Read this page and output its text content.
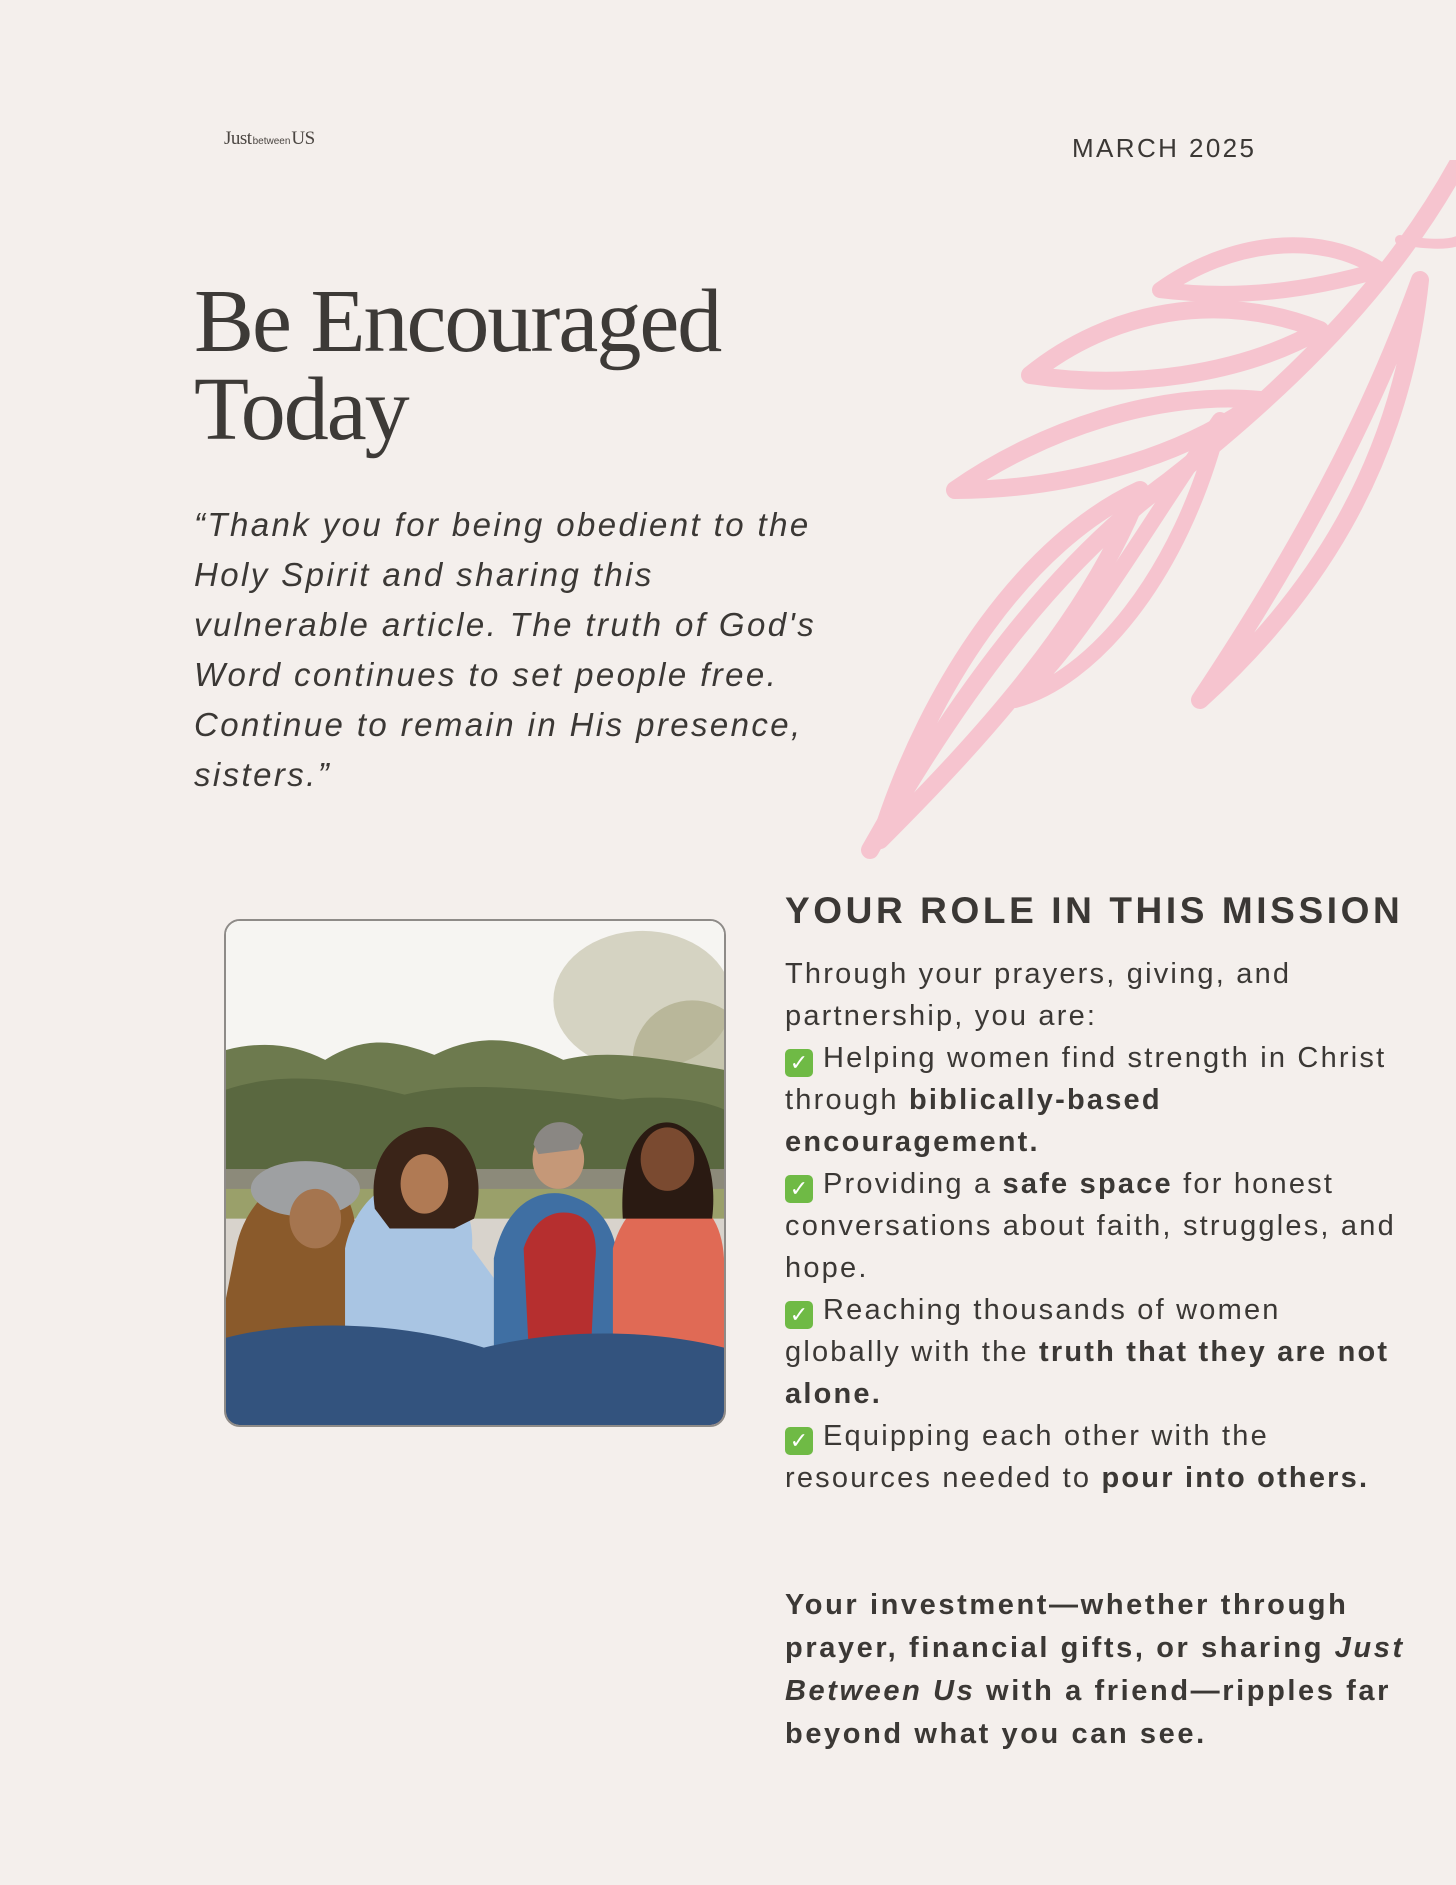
Just between US	MARCH 2025
Be Encouraged
Today
“Thank you for being obedient to the Holy Spirit and sharing this vulnerable article. The truth of God's Word continues to set people free. Continue to remain in His presence, sisters.”
YOUR ROLE IN THIS MISSION

Through your prayers, giving, and partnership, you are:

✓ Helping women find strength in Christ through biblically-based encouragement.

✓ Providing a safe space for honest conversations about faith, struggles, and hope.

✓ Reaching thousands of women globally with the truth that they are not alone.

✓ Equipping each other with the resources needed to pour into others.

Your investment—whether through prayer, financial gifts, or sharing Just Between Us with a friend—ripples far beyond what you can see.
